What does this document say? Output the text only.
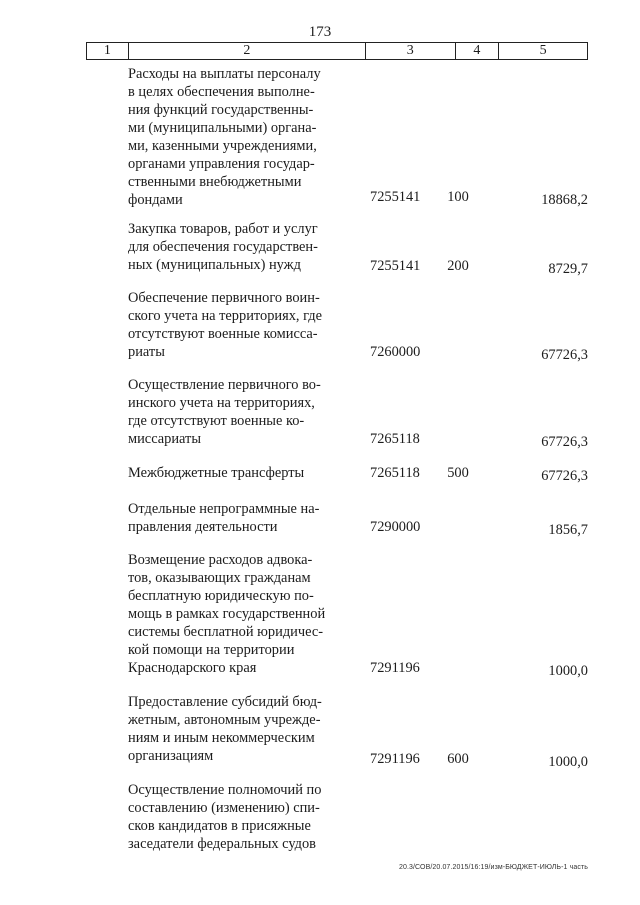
173
1	2	3	4	5
Расходы на выплаты персоналу
в целях обеспечения выполне-
ния функций государственны-
ми (муниципальными) органа-
ми, казенными учреждениями,
органами управления государ-
ственными внебюджетными
фондами	7255141 100	18868,2
Закупка товаров, работ и услуг
для обеспечения государствен-
ных (муниципальных) нужд	7255141 200	8729,7
Обеспечение первичного воин-
ского учета на территориях, где
отсутствуют военные комисса-
риаты	7260000	67726,3
Осуществление первичного во-
инского учета на территориях,
где отсутствуют военные ко-
миссариаты	7265118	67726,3
Межбюджетные трансферты	7265118 500	67726,3
Отдельные непрограммные на-
правления деятельности	7290000	1856,7
Возмещение расходов адвока-
тов, оказывающих гражданам
бесплатную юридическую по-
мощь в рамках государственной
системы бесплатной юридичес-
кой помощи на территории
Краснодарского края	7291196	1000,0
Предоставление субсидий бюд-
жетным, автономным учрежде-
ниям и иным некоммерческим
организациям	7291196 600	1000,0
Осуществление полномочий по
составлению (изменению) спи-
сков кандидатов в присяжные
заседатели федеральных судов
20.3/СОВ/20.07.2015/16:19/изм-БЮДЖЕТ-ИЮЛЬ-1 часть
